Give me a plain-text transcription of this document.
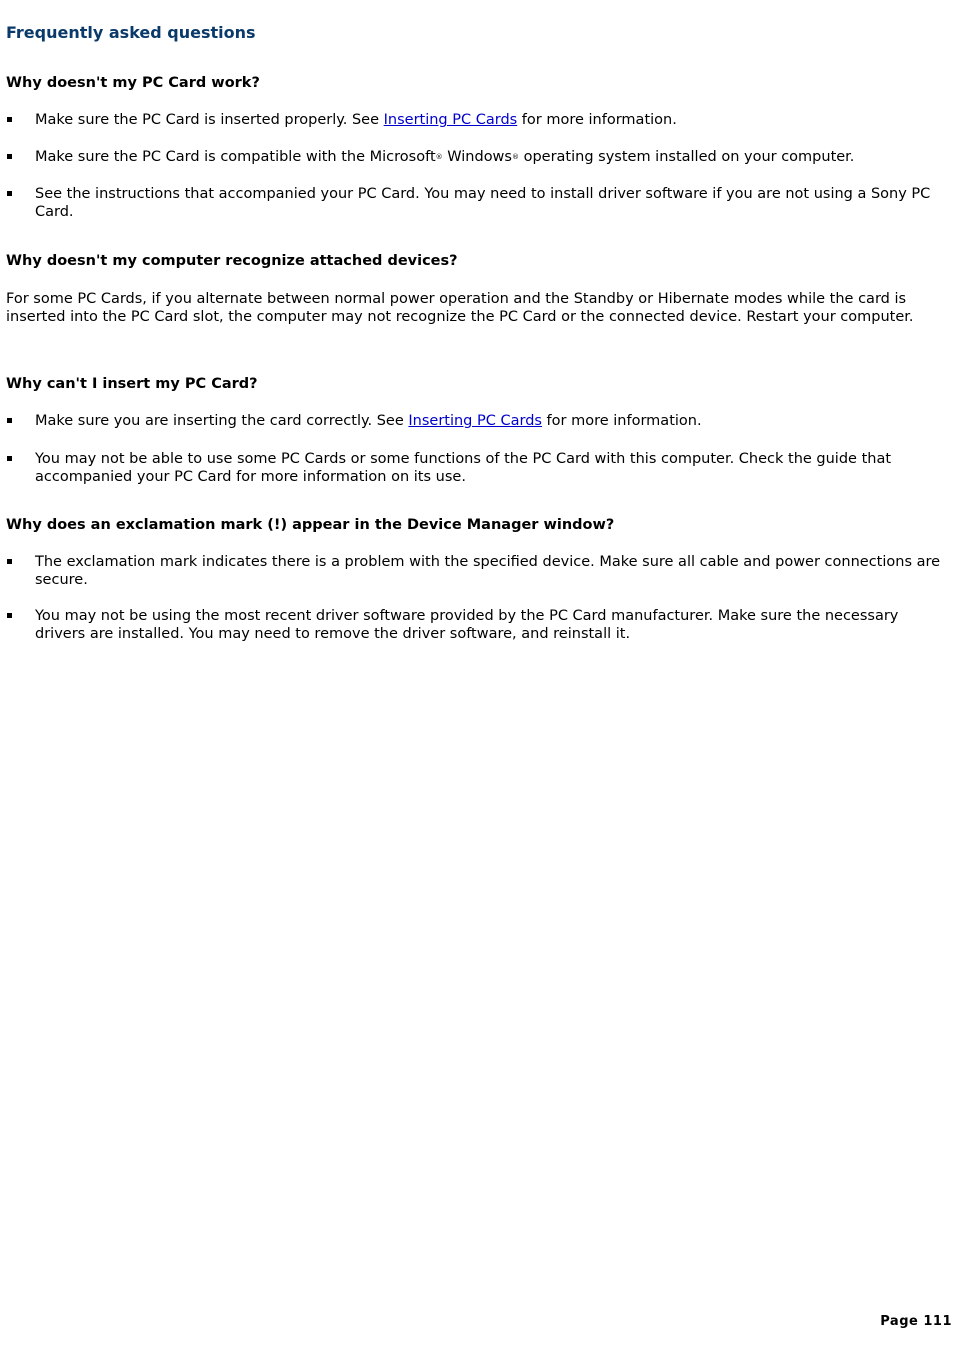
Frequently asked questions
Why doesn't my PC Card work?
Make sure the PC Card is inserted properly. See Inserting PC Cards for more information.
Make sure the PC Card is compatible with the Microsoft® Windows® operating system installed on your computer.
See the instructions that accompanied your PC Card. You may need to install driver software if you are not using a Sony PC Card.
Why doesn't my computer recognize attached devices?

For some PC Cards, if you alternate between normal power operation and the Standby or Hibernate modes while the card is inserted into the PC Card slot, the computer may not recognize the PC Card or the connected device. Restart your computer.

Why can't I insert my PC Card?
Make sure you are inserting the card correctly. See Inserting PC Cards for more information.
You may not be able to use some PC Cards or some functions of the PC Card with this computer. Check the guide that accompanied your PC Card for more information on its use.
Why does an exclamation mark (!) appear in the Device Manager window?
The exclamation mark indicates there is a problem with the specified device. Make sure all cable and power connections are secure.
You may not be using the most recent driver software provided by the PC Card manufacturer. Make sure the necessary drivers are installed. You may need to remove the driver software, and reinstall it.
Page 111
